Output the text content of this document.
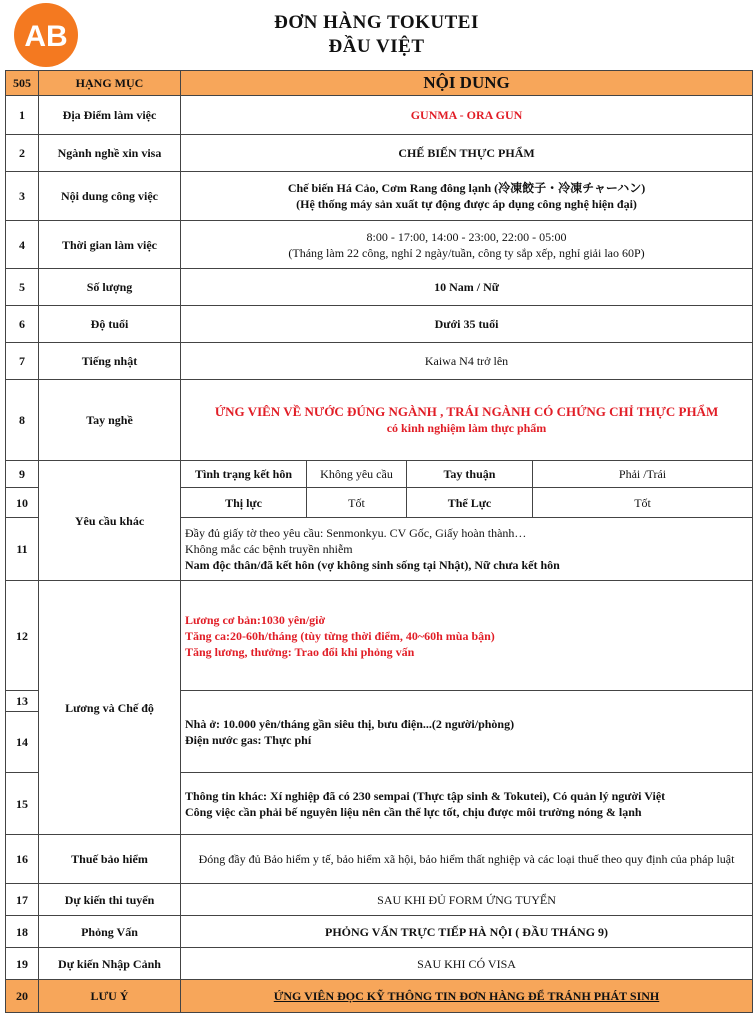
AB	ĐƠN HÀNG TOKUTEI
ĐẦU VIỆT
505	HẠNG MỤC	NỘI DUNG			
1	Địa Điểm làm việc	GUNMA - ORA GUN			
2	Ngành nghề xin visa	CHẾ BIẾN THỰC PHẨM			
3	Nội dung công việc	Chế biến Há Cảo, Cơm Rang đông lạnh (冷凍餃子・冷凍チャーハン)
(Hệ thống máy sản xuất tự động được áp dụng công nghệ hiện đại)			

4	Thời gian làm việc	8:00 - 17:00, 14:00 - 23:00, 22:00 - 05:00
(Tháng làm 22 công, nghỉ 2 ngày/tuần, công ty sắp xếp, nghỉ giải lao 60P)			

5	Số lượng	10 Nam / Nữ			
6	Độ tuổi	Dưới 35 tuổi			
7	Tiếng nhật	Kaiwa N4 trở lên			
8	Tay nghề	ỨNG VIÊN VỀ NƯỚC ĐÚNG NGÀNH , TRÁI NGÀNH CÓ CHỨNG CHỈ THỰC PHẨM
có kinh nghiệm làm thực phẩm			

9	Yêu cầu khác	Tình trạng kết hôn	Không yêu cầu	Tay thuận	Phải /Trái
10		Thị lực	Tốt	Thể Lực	Tốt
11		Đầy đủ giấy tờ theo yêu cầu: Senmonkyu. CV Gốc, Giấy hoàn thành…
Không mắc các bệnh truyền nhiễm
Nam độc thân/đã kết hôn (vợ không sinh sống tại Nhật), Nữ chưa kết hôn			

12	Lương và Chế độ	Lương cơ bản:1030 yên/giờ
Tăng ca:20-60h/tháng (tùy từng thời điểm, 40~60h mùa bận)
Tăng lương, thưởng: Trao đổi khi phỏng vấn			

13		Nhà ở: 10.000 yên/tháng gần siêu thị, bưu điện...(2 người/phòng)
Điện nước gas: Thực phí			

14					
15		Thông tin khác: Xí nghiệp đã có 230 sempai (Thực tập sinh & Tokutei), Có quản lý người Việt
Công việc cần phải bế nguyên liệu nên cần thể lực tốt, chịu được môi trường nóng & lạnh			

16	Thuế bảo hiểm	Đóng đầy đủ Bảo hiểm y tế, bảo hiểm xã hội, bảo hiểm thất nghiệp và các loại thuế theo quy định của pháp luật			
17	Dự kiến thi tuyển	SAU KHI ĐỦ FORM ỨNG TUYỂN			
18	Phỏng Vấn	PHỎNG VẤN TRỰC TIẾP HÀ NỘI ( ĐẦU THÁNG 9)			
19	Dự kiến Nhập Cảnh	SAU KHI CÓ VISA			
20	LƯU Ý	ỨNG VIÊN ĐỌC KỸ THÔNG TIN ĐƠN HÀNG ĐỂ TRÁNH PHÁT SINH			
